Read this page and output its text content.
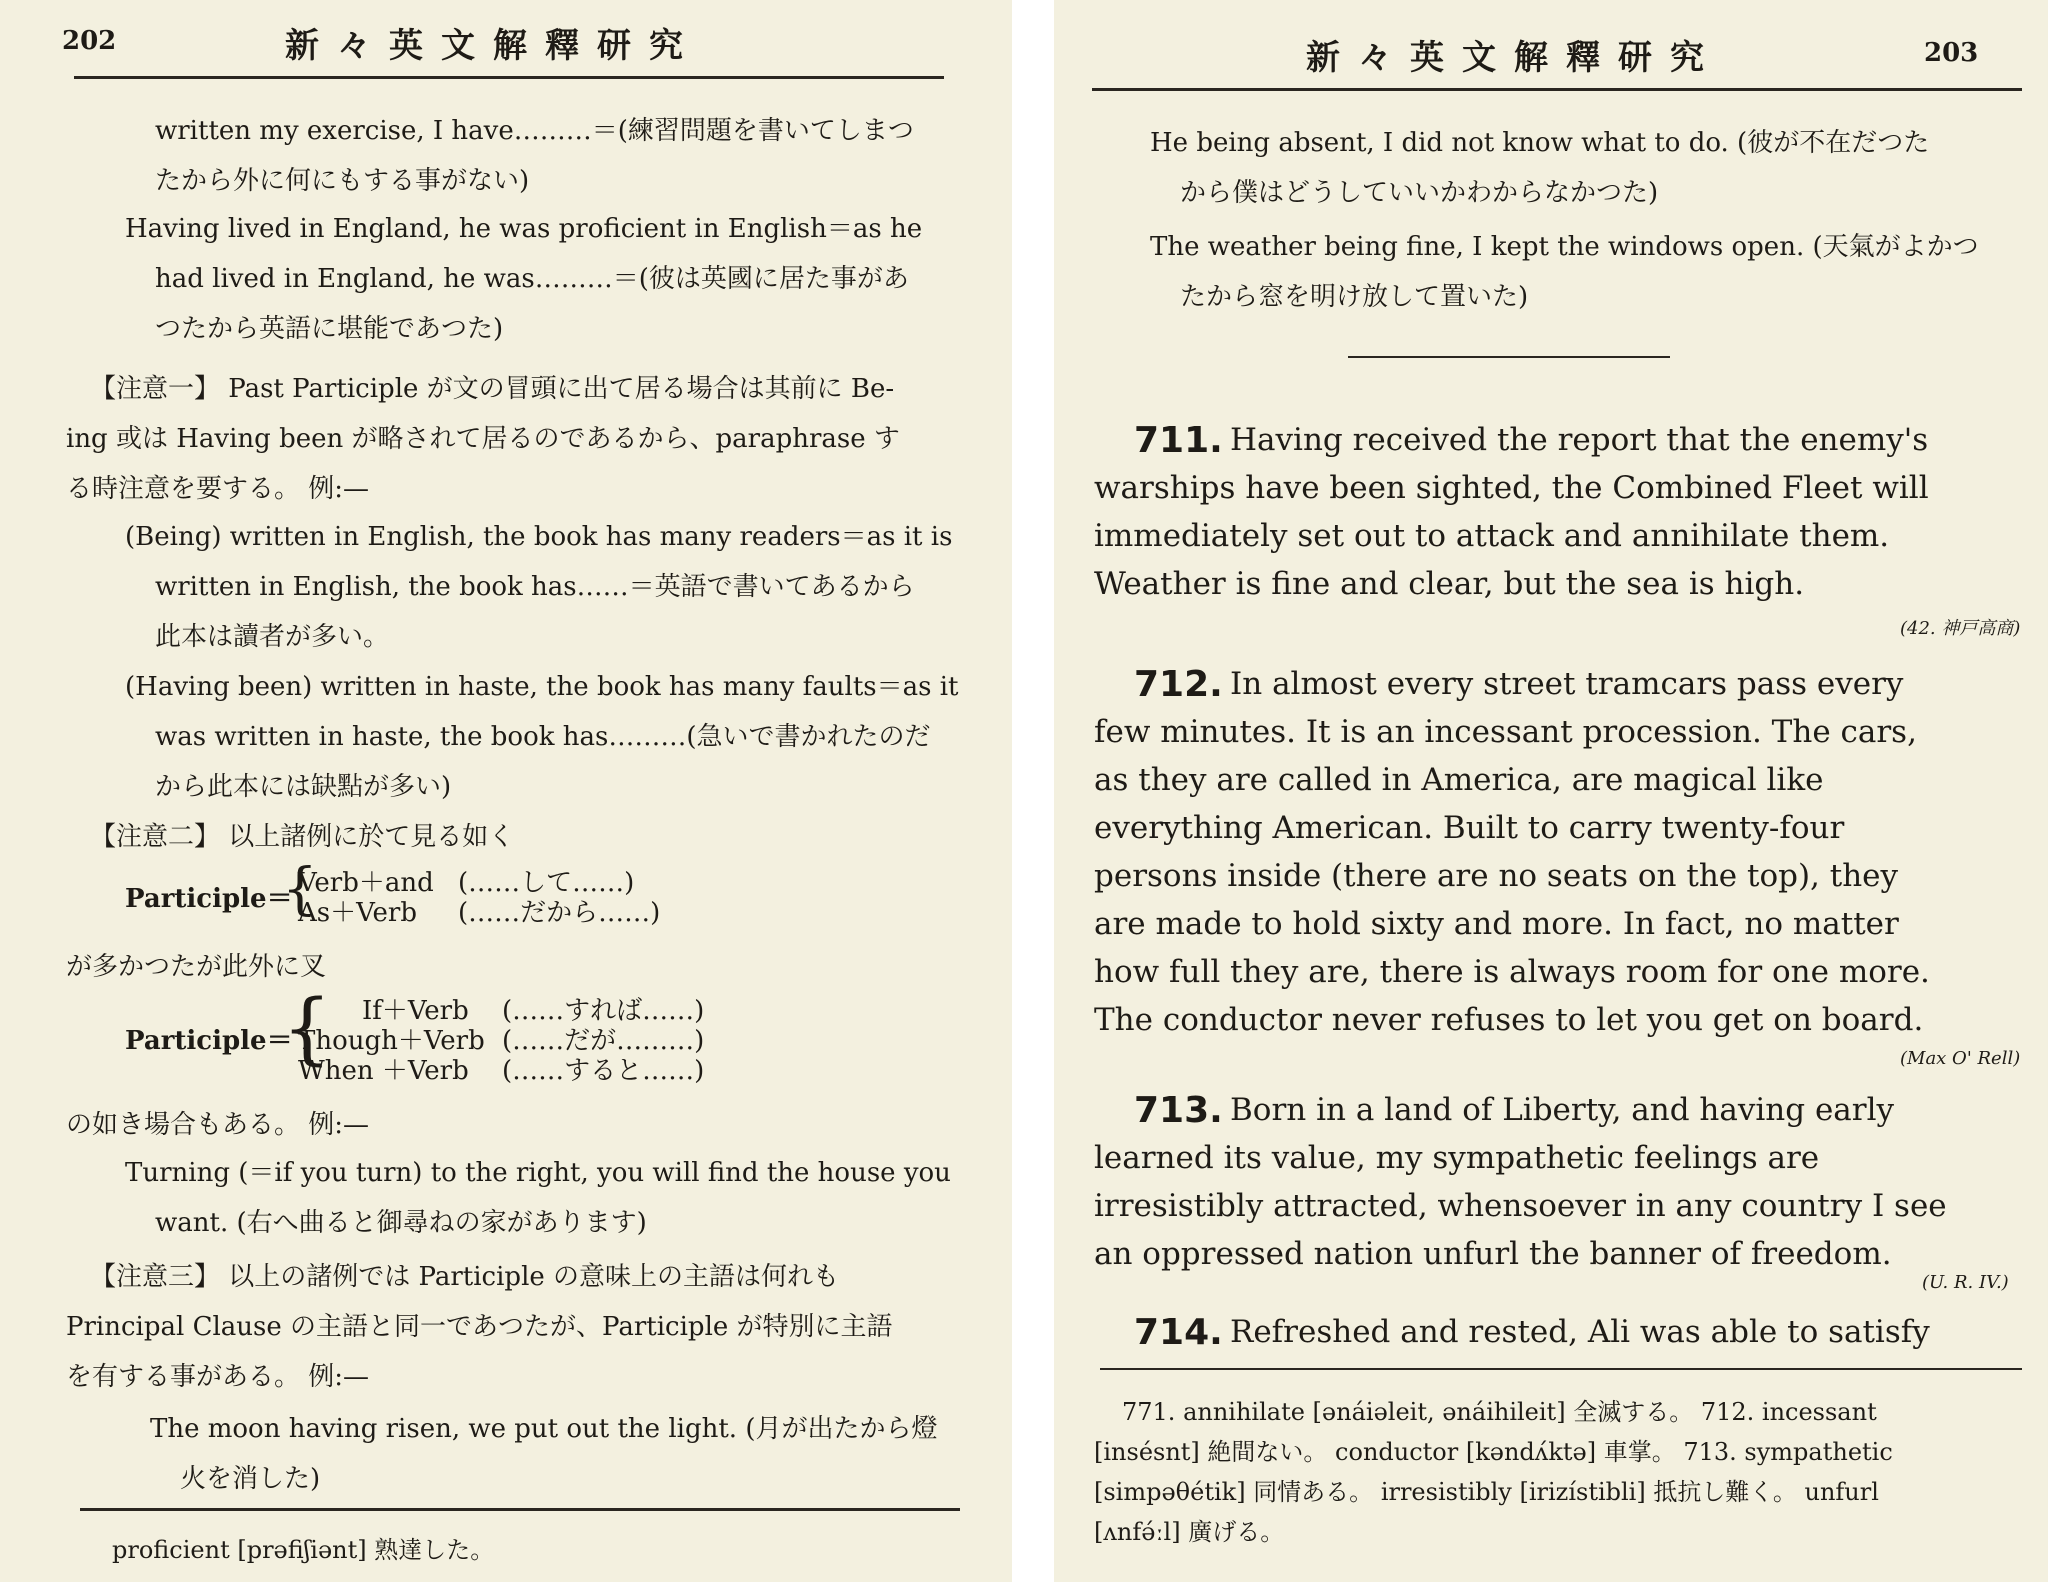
202	新々英文解釋研究
written my exercise, I have………＝(練習問題を書いてしまつ
たから外に何にもする事がない)
Having lived in England, he was proficient in English＝as he
had lived in England, he was………＝(彼は英國に居た事があ
つたから英語に堪能であつた)
【注意一】 Past Participle が文の冒頭に出て居る場合は其前に Be-
ing 或は Having been が略されて居るのであるから、paraphrase す
る時注意を要する。 例:—
(Being) written in English, the book has many readers＝as it is
written in English, the book has……＝英語で書いてあるから
此本は讀者が多い。
(Having been) written in haste, the book has many faults＝as it
was written in haste, the book has………(急いで書かれたのだ
から此本には缺點が多い)
【注意二】 以上諸例に於て見る如く
Participle＝
{
Verb＋and (……して……)
As＋Verb (……だから……)
が多かつたが此外に叉
Participle＝
{ If＋Verb (……すれば……)
Though＋Verb (……だが………)
When ＋Verb (……すると……)
の如き場合もある。 例:—
Turning (＝if you turn) to the right, you will find the house you
want. (右へ曲ると御尋ねの家があります)
【注意三】 以上の諸例では Participle の意味上の主語は何れも
Principal Clause の主語と同一であつたが、Participle が特別に主語
を有する事がある。 例:—
The moon having risen, we put out the light. (月が出たから燈
火を消した)
proficient [prəfiʃiənt] 熟達した。
新々英文解釋研究	203
He being absent, I did not know what to do. (彼が不在だつた
から僕はどうしていいかわからなかつた)
The weather being fine, I kept the windows open. (天氣がよかつ
たから窓を明け放して置いた)
711. Having received the report that the enemy's
warships have been sighted, the Combined Fleet will
immediately set out to attack and annihilate them.
Weather is fine and clear, but the sea is high.
(42. 神戸高商)
712. In almost every street tramcars pass every
few minutes. It is an incessant procession. The cars,
as they are called in America, are magical like
everything American. Built to carry twenty-four
persons inside (there are no seats on the top), they
are made to hold sixty and more. In fact, no matter
how full they are, there is always room for one more.
The conductor never refuses to let you get on board.
(Max O' Rell)
713. Born in a land of Liberty, and having early
learned its value, my sympathetic feelings are
irresistibly attracted, whensoever in any country I see
an oppressed nation unfurl the banner of freedom.
(U. R. IV.)
714. Refreshed and rested, Ali was able to satisfy
771. annihilate [ənáiəleit, ənáihileit] 全滅する。 712. incessant
[insésnt] 絶間ない。 conductor [kəndʌ́ktə] 車掌。 713. sympathetic
[simpəθétik] 同情ある。 irresistibly [irizístibli] 抵抗し難く。 unfurl
[ʌnfə́ːl] 廣げる。
